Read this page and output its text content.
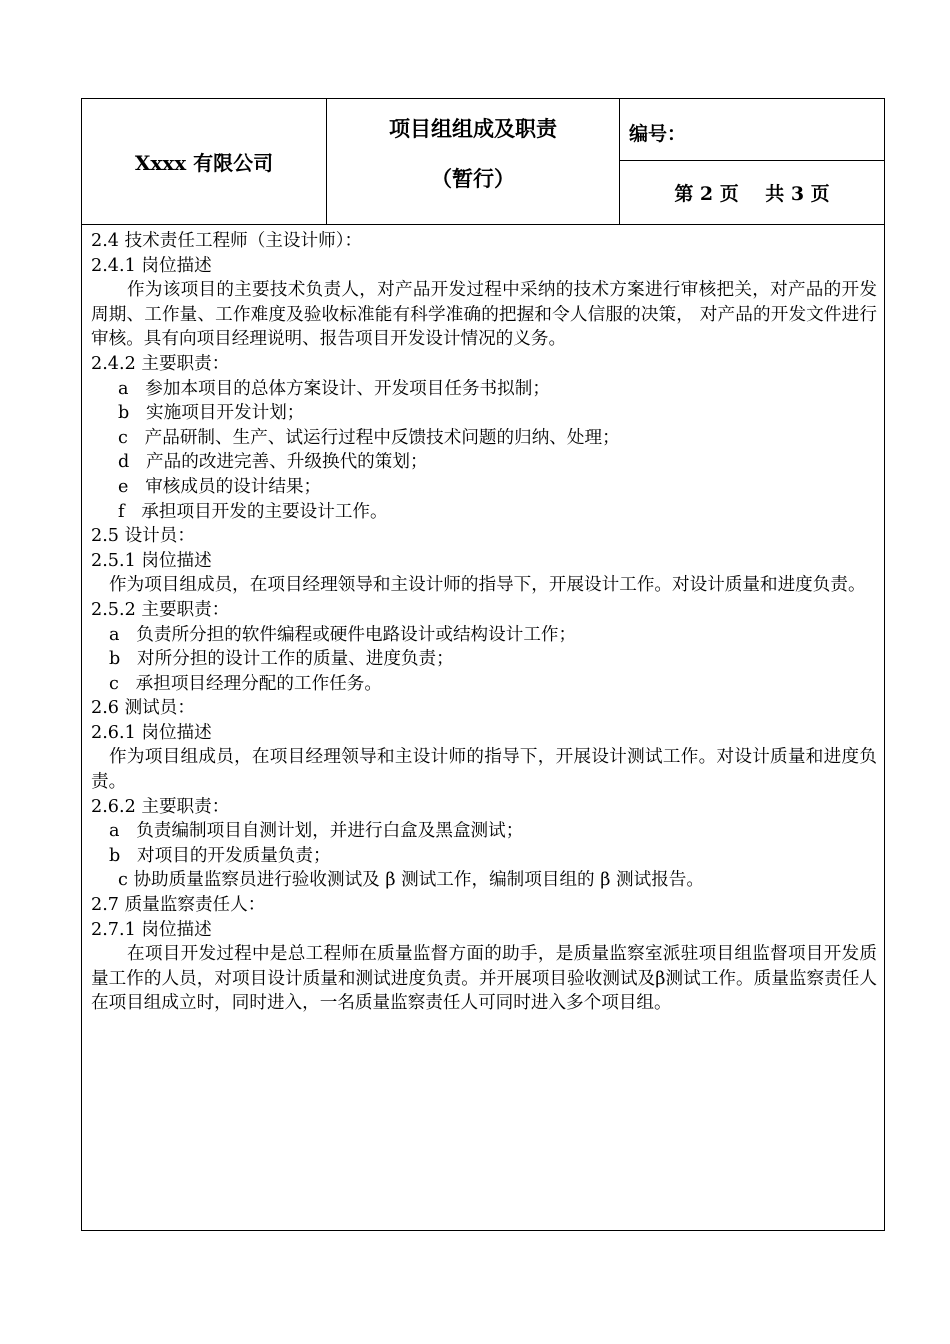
Xxxx 有限公司
项目组组成及职责
（暂行）
编号：
第 2 页    共 3 页
2.4 技术责任工程师（主设计师）：
2.4.1 岗位描述
作为该项目的主要技术负责人，对产品开发过程中采纳的技术方案进行审核把关，对产品的开发周期、工作量、工作难度及验收标准能有科学准确的把握和令人信服的决策， 对产品的开发文件进行审核。具有向项目经理说明、报告项目开发设计情况的义务。
2.4.2 主要职责：
a   参加本项目的总体方案设计、开发项目任务书拟制；
b   实施项目开发计划；
c   产品研制、生产、试运行过程中反馈技术问题的归纳、处理；
d   产品的改进完善、升级换代的策划；
e   审核成员的设计结果；
f   承担项目开发的主要设计工作。
2.5 设计员：
2.5.1 岗位描述
作为项目组成员，在项目经理领导和主设计师的指导下，开展设计工作。对设计质量和进度负责。
2.5.2 主要职责：
a   负责所分担的软件编程或硬件电路设计或结构设计工作；
b   对所分担的设计工作的质量、进度负责；
c   承担项目经理分配的工作任务。
2.6 测试员：
2.6.1 岗位描述
作为项目组成员，在项目经理领导和主设计师的指导下，开展设计测试工作。对设计质量和进度负责。
2.6.2 主要职责：
a   负责编制项目自测计划，并进行白盒及黑盒测试；
b   对项目的开发质量负责；
c 协助质量监察员进行验收测试及 β 测试工作，编制项目组的 β 测试报告。
2.7 质量监察责任人：
2.7.1 岗位描述
在项目开发过程中是总工程师在质量监督方面的助手，是质量监察室派驻项目组监督项目开发质量工作的人员，对项目设计质量和测试进度负责。并开展项目验收测试及β测试工作。质量监察责任人在项目组成立时，同时进入，一名质量监察责任人可同时进入多个项目组。
